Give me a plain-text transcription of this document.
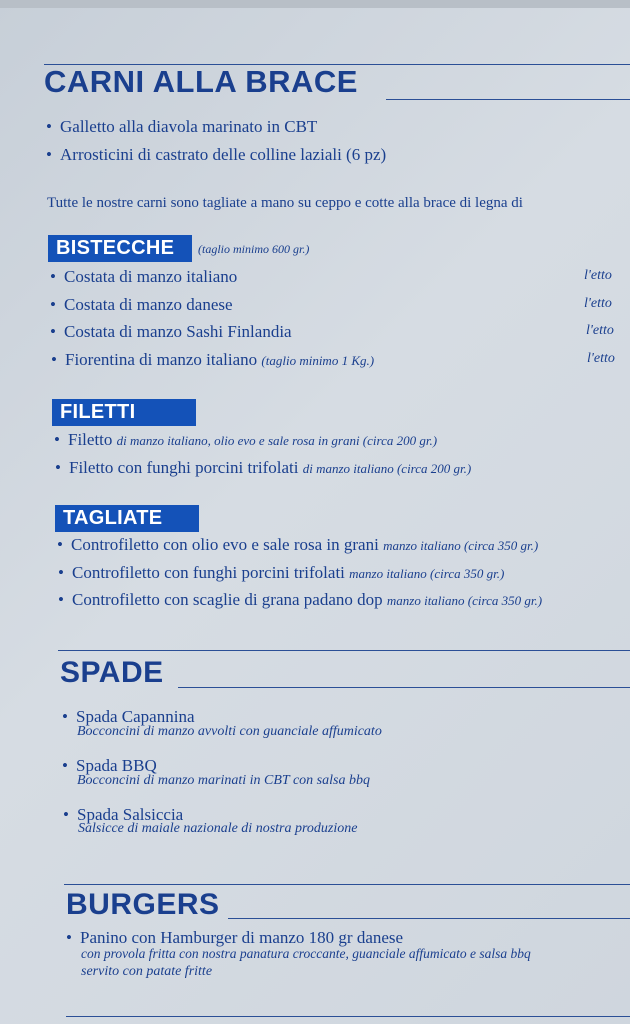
CARNI ALLA BRACE
• Galletto alla diavola marinato in CBT
• Arrosticini di castrato delle colline laziali (6 pz)
Tutte le nostre carni sono tagliate a mano su ceppo e cotte alla brace di legna di
BISTECCHE	(taglio minimo 600 gr.)
• Costata di manzo italiano	l'etto
• Costata di manzo danese	l'etto
• Costata di manzo Sashi Finlandia	l'etto
• Fiorentina di manzo italiano (taglio minimo 1 Kg.)	l'etto
FILETTI
• Filetto di manzo italiano, olio evo e sale rosa in grani (circa 200 gr.)
• Filetto con funghi porcini trifolati di manzo italiano (circa 200 gr.)
TAGLIATE
• Controfiletto con olio evo e sale rosa in grani manzo italiano (circa 350 gr.)
• Controfiletto con funghi porcini trifolati manzo italiano (circa 350 gr.)
• Controfiletto con scaglie di grana padano dop manzo italiano (circa 350 gr.)
SPADE
• Spada Capannina
Bocconcini di manzo avvolti con guanciale affumicato
• Spada BBQ
Bocconcini di manzo marinati in CBT con salsa bbq
• Spada Salsiccia
Salsicce di maiale nazionale di nostra produzione
BURGERS
• Panino con Hamburger di manzo 180 gr danese
con provola fritta con nostra panatura croccante, guanciale affumicato e salsa bbq
servito con patate fritte
